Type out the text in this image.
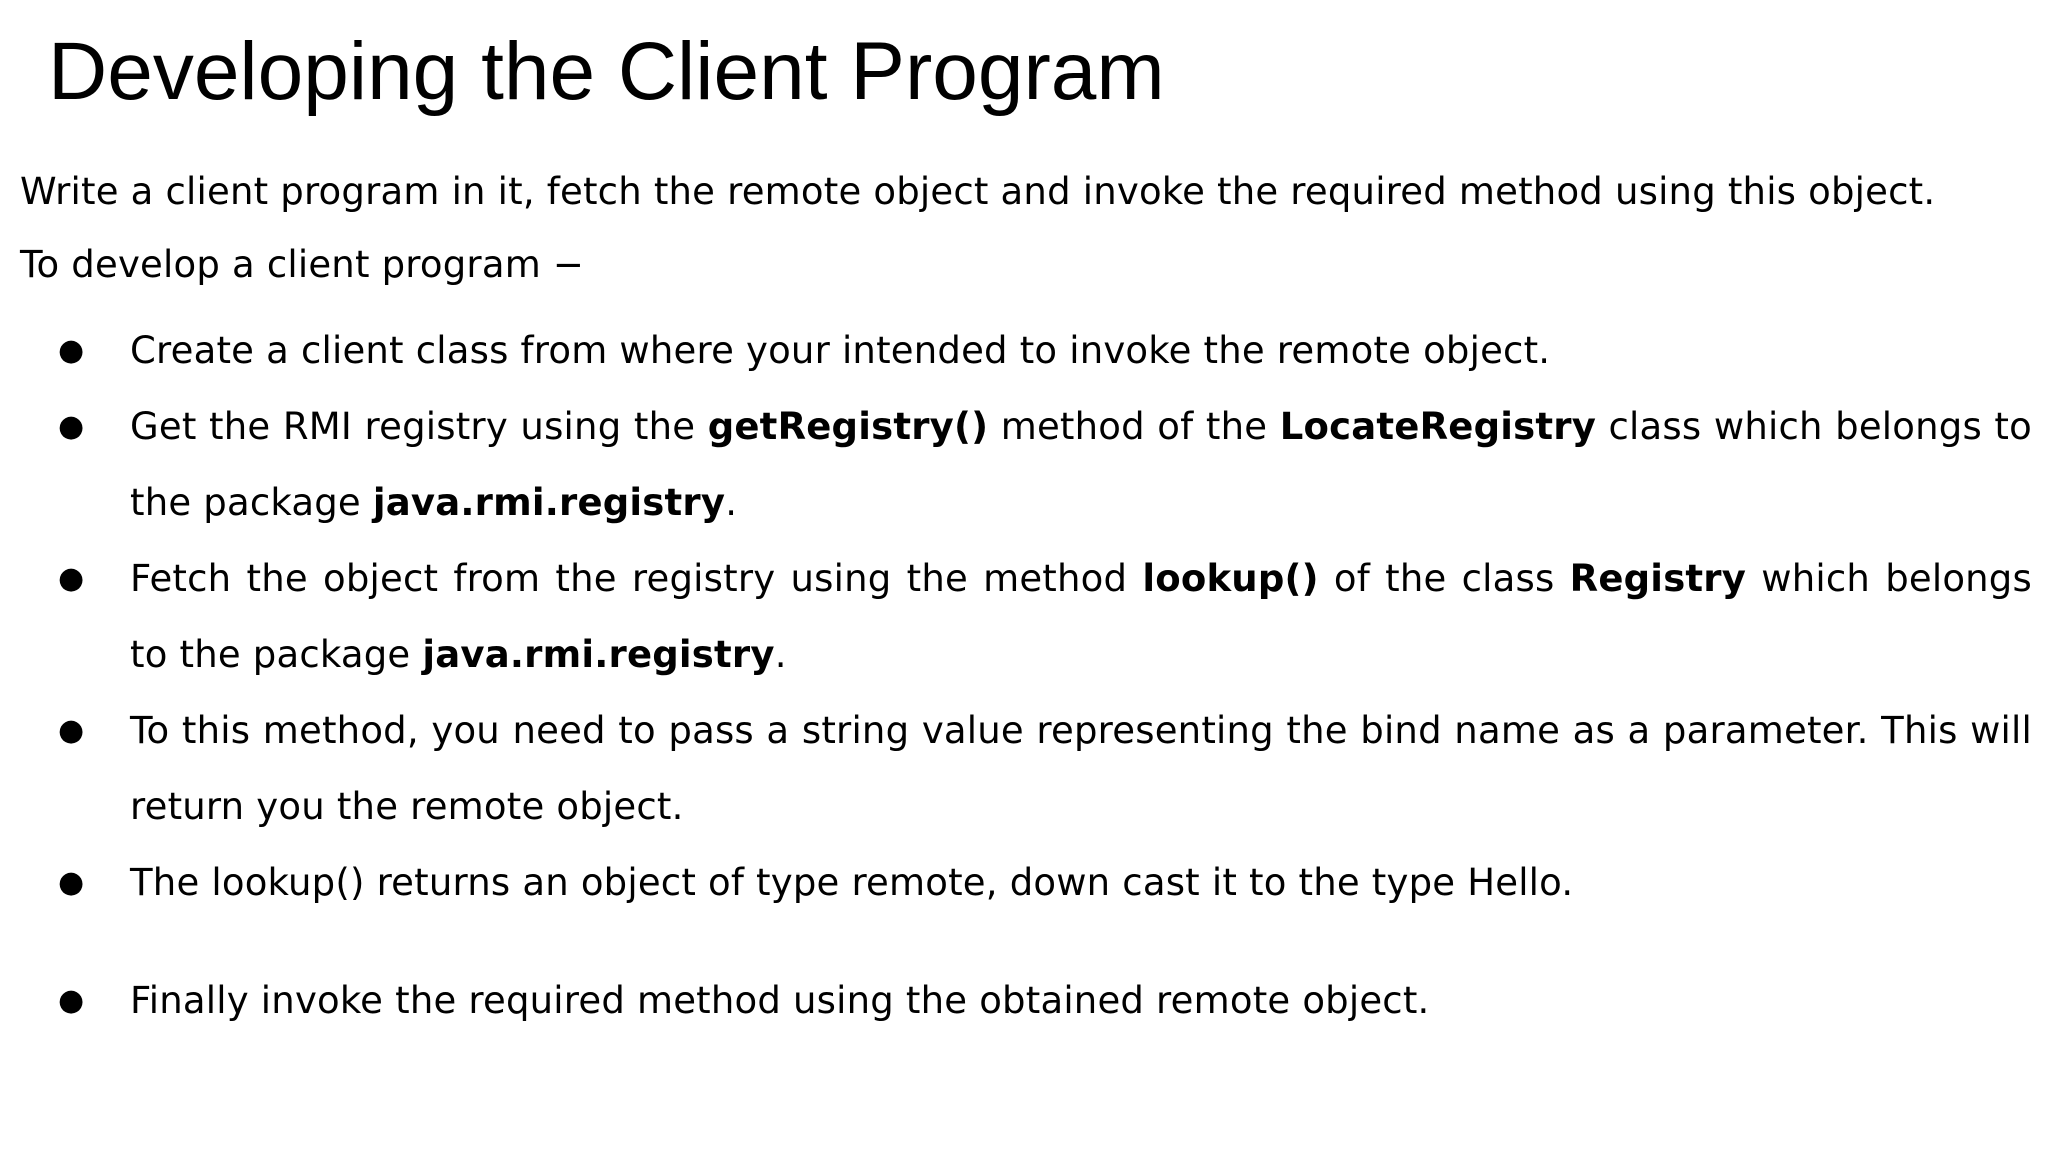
Developing the Client Program

Write a client program in it, fetch the remote object and invoke the required method using this object.

To develop a client program −

● Create a client class from where your intended to invoke the remote object.
● Get the RMI registry using the getRegistry() method of the LocateRegistry class which belongs to the package java.rmi.registry.
● Fetch the object from the registry using the method lookup() of the class Registry which belongs to the package java.rmi.registry.
● To this method, you need to pass a string value representing the bind name as a parameter. This will return you the remote object.
● The lookup() returns an object of type remote, down cast it to the type Hello.
● Finally invoke the required method using the obtained remote object.
